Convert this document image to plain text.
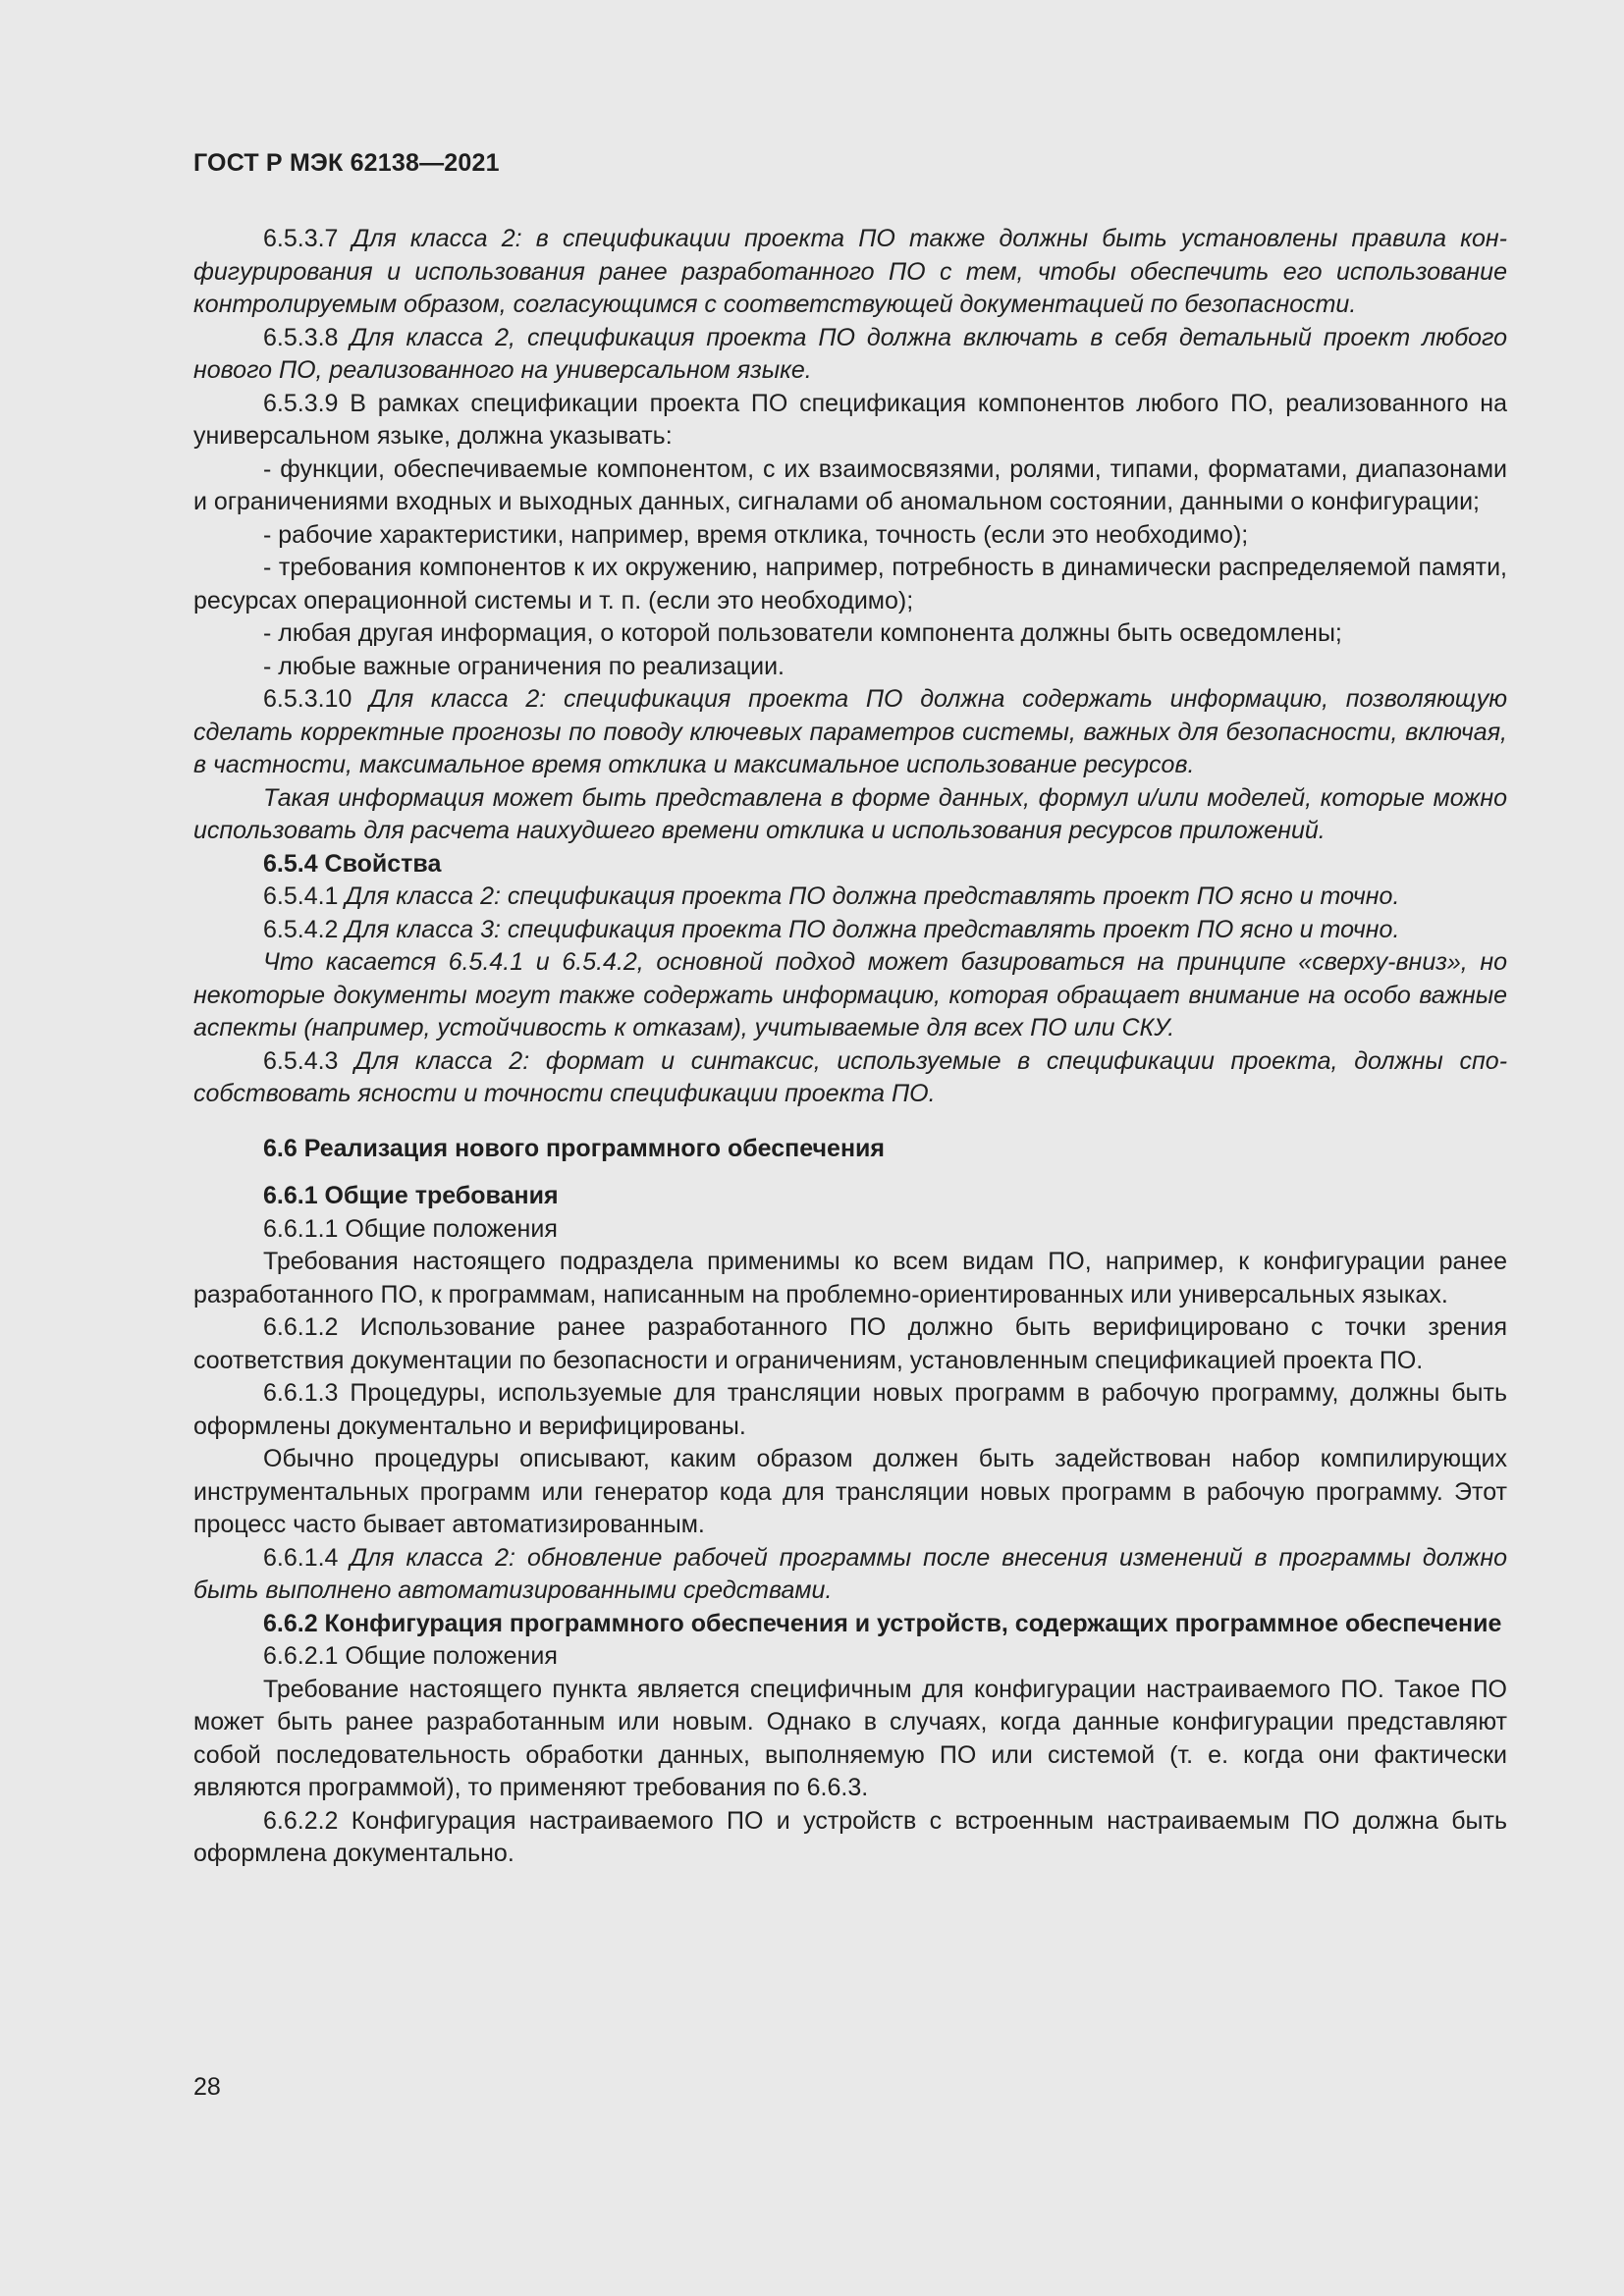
ГОСТ Р МЭК 62138—2021

6.5.3.7 Для класса 2: в спецификации проекта ПО также должны быть установлены правила конфигурирования и использования ранее разработанного ПО с тем, чтобы обеспечить его использование контролируемым образом, согласующимся с соответствующей документацией по безопасности.

6.5.3.8 Для класса 2, спецификация проекта ПО должна включать в себя детальный проект любого нового ПО, реализованного на универсальном языке.

6.5.3.9 В рамках спецификации проекта ПО спецификация компонентов любого ПО, реализованного на универсальном языке, должна указывать:

- функции, обеспечиваемые компонентом, с их взаимосвязями, ролями, типами, форматами, диапазонами и ограничениями входных и выходных данных, сигналами об аномальном состоянии, данными о конфигурации;

- рабочие характеристики, например, время отклика, точность (если это необходимо);

- требования компонентов к их окружению, например, потребность в динамически распределяемой памяти, ресурсах операционной системы и т. п. (если это необходимо);

- любая другая информация, о которой пользователи компонента должны быть осведомлены;

- любые важные ограничения по реализации.

6.5.3.10 Для класса 2: спецификация проекта ПО должна содержать информацию, позволяющую сделать корректные прогнозы по поводу ключевых параметров системы, важных для безопасности, включая, в частности, максимальное время отклика и максимальное использование ресурсов.

Такая информация может быть представлена в форме данных, формул и/или моделей, которые можно использовать для расчета наихудшего времени отклика и использования ресурсов приложений.

6.5.4 Свойства

6.5.4.1 Для класса 2: спецификация проекта ПО должна представлять проект ПО ясно и точно.

6.5.4.2 Для класса 3: спецификация проекта ПО должна представлять проект ПО ясно и точно.

Что касается 6.5.4.1 и 6.5.4.2, основной подход может базироваться на принципе «сверху-вниз», но некоторые документы могут также содержать информацию, которая обращает внимание на особо важные аспекты (например, устойчивость к отказам), учитываемые для всех ПО или СКУ.

6.5.4.3 Для класса 2: формат и синтаксис, используемые в спецификации проекта, должны способствовать ясности и точности спецификации проекта ПО.

6.6 Реализация нового программного обеспечения

6.6.1 Общие требования

6.6.1.1 Общие положения

Требования настоящего подраздела применимы ко всем видам ПО, например, к конфигурации ранее разработанного ПО, к программам, написанным на проблемно-ориентированных или универсальных языках.

6.6.1.2 Использование ранее разработанного ПО должно быть верифицировано с точки зрения соответствия документации по безопасности и ограничениям, установленным спецификацией проекта ПО.

6.6.1.3 Процедуры, используемые для трансляции новых программ в рабочую программу, должны быть оформлены документально и верифицированы.

Обычно процедуры описывают, каким образом должен быть задействован набор компилирующих инструментальных программ или генератор кода для трансляции новых программ в рабочую программу. Этот процесс часто бывает автоматизированным.

6.6.1.4 Для класса 2: обновление рабочей программы после внесения изменений в программы должно быть выполнено автоматизированными средствами.

6.6.2 Конфигурация программного обеспечения и устройств, содержащих программное обеспечение

6.6.2.1 Общие положения

Требование настоящего пункта является специфичным для конфигурации настраиваемого ПО. Такое ПО может быть ранее разработанным или новым. Однако в случаях, когда данные конфигурации представляют собой последовательность обработки данных, выполняемую ПО или системой (т. е. когда они фактически являются программой), то применяют требования по 6.6.3.

6.6.2.2 Конфигурация настраиваемого ПО и устройств с встроенным настраиваемым ПО должна быть оформлена документально.

28
